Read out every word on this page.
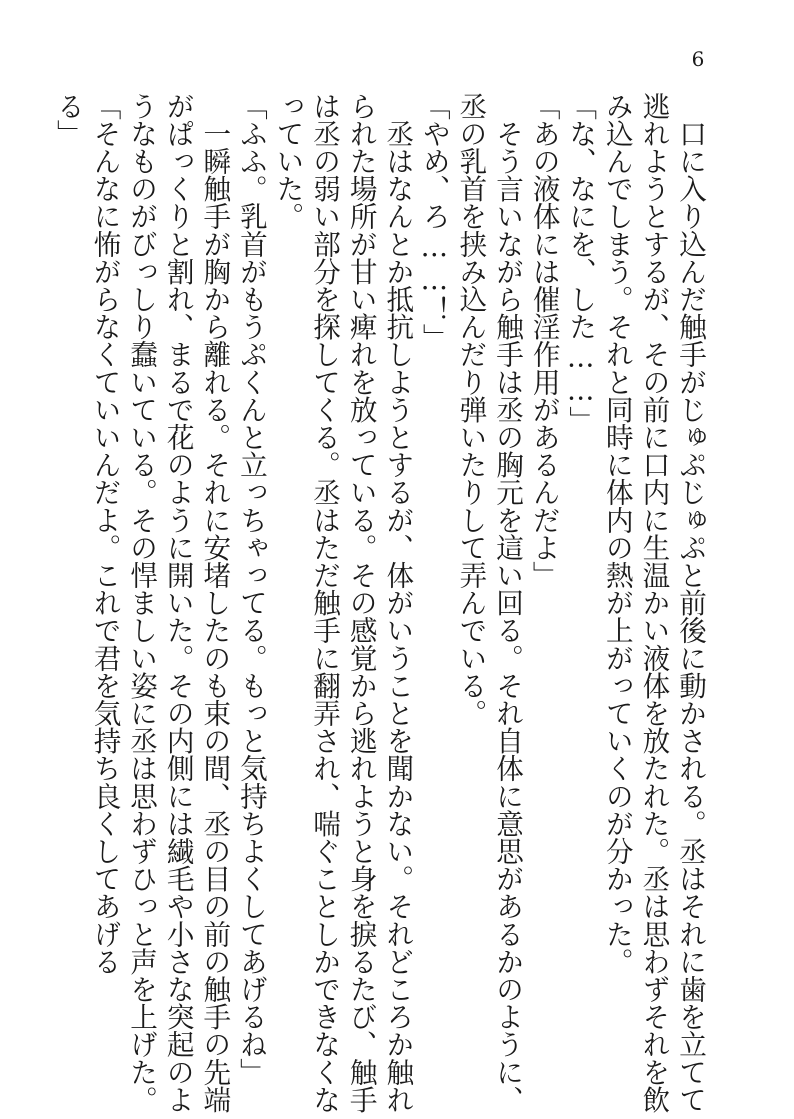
6
　口に入り込んだ触手がじゅぷじゅぷと前後に動かされる。丞はそれに歯を立てて
逃れようとするが、その前に口内に生温かい液体を放たれた。丞は思わずそれを飲
み込んでしまう。それと同時に体内の熱が上がっていくのが分かった。
「な、なにを、した……」
「あの液体には催淫作用があるんだよ」
　そう言いながら触手は丞の胸元を這い回る。それ自体に意思があるかのように、
丞の乳首を挟み込んだり弾いたりして弄んでいる。
「やめ、ろ……！」
　丞はなんとか抵抗しようとするが、体がいうことを聞かない。それどころか触れ
られた場所が甘い痺れを放っている。その感覚から逃れようと身を捩るたび、触手
は丞の弱い部分を探してくる。丞はただ触手に翻弄され、喘ぐことしかできなくな
っていた。
「ふふ。乳首がもうぷくんと立っちゃってる。もっと気持ちよくしてあげるね」
　一瞬触手が胸から離れる。それに安堵したのも束の間、丞の目の前の触手の先端
がぱっくりと割れ、まるで花のように開いた。その内側には繊毛や小さな突起のよ
うなものがびっしり蠢いている。その悍ましい姿に丞は思わずひっと声を上げた。
「そんなに怖がらなくていいんだよ。これで君を気持ち良くしてあげる
る」
